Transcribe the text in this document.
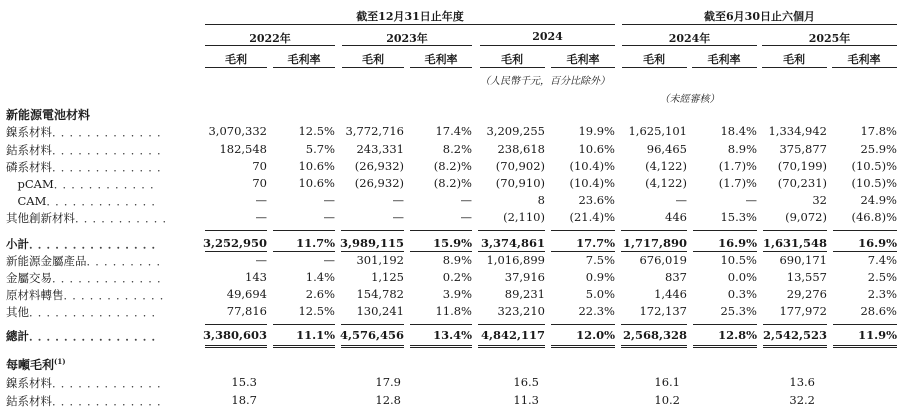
截至12月31日止年度	截至6月30日止六個月
2022年	2023年	2024	2024年	2025年
毛利	毛利率	毛利	毛利率	毛利	毛利率	毛利	毛利率	毛利	毛利率
（人民幣千元，百分比除外）
（未經審核）
新能源電池材料
鎳系材料．．．．．．．．．．．．．	3,070,332	12.5% 3,772,716	17.4% 3,209,255	19.9% 1,625,101	18.4% 1,334,942	17.8%
鈷系材料．．．．．．．．．．．．．	182,548	5.7% 243,331	8.2% 238,618	10.6%	96,465	8.9% 375,877	25.9%
磷系材料．．．．．．．．．．．．．	70	10.6% (26,932)	(8.2)% (70,902) (10.4)%	(4,122)	(1.7)% (70,199) (10.5)%
　pCAM．．．．．．．．．．．．	70	10.6% (26,932)	(8.2)% (70,910) (10.4)%	(4,122)	(1.7)% (70,231) (10.5)%
　CAM．．．．．．．．．．．．．	—	—	—	—	8	23.6%	—	—	32	24.9%
其他創新材料．．．．．．．．．．．	—	—	—	—	(2,110) (21.4)%	446	15.3% (9,072) (46.8)%
小計．．．．．．．．．．．．．．．	3,252,950	11.7% 3,989,115	15.9% 3,374,861	17.7% 1,717,890	16.9% 1,631,548	16.9%
新能源金屬產品．．．．．．．．．	—	— 301,192	8.9% 1,016,899	7.5% 676,019	10.5% 690,171	7.4%
金屬交易．．．．．．．．．．．．．	143	1.4%	1,125	0.2%	37,916	0.9%	837	0.0%	13,557	2.5%
原材料轉售．．．．．．．．．．．．	49,694	2.6% 154,782	3.9%	89,231	5.0%	1,446	0.3%	29,276	2.3%
其他．．．．．．．．．．．．．．．	77,816	12.5% 130,241	11.8% 323,210	22.3% 172,137	25.3% 177,972	28.6%
總計．．．．．．．．．．．．．．．	3,380,603	11.1% 4,576,456	13.4% 4,842,117	12.0% 2,568,328	12.8% 2,542,523	11.9%
每噸毛利$^{(1)}$
鎳系材料．．．．．．．．．．．．．	15.3	17.9	16.5	16.1	13.6
鈷系材料．．．．．．．．．．．．．	18.7	12.8	11.3	10.2	32.2
